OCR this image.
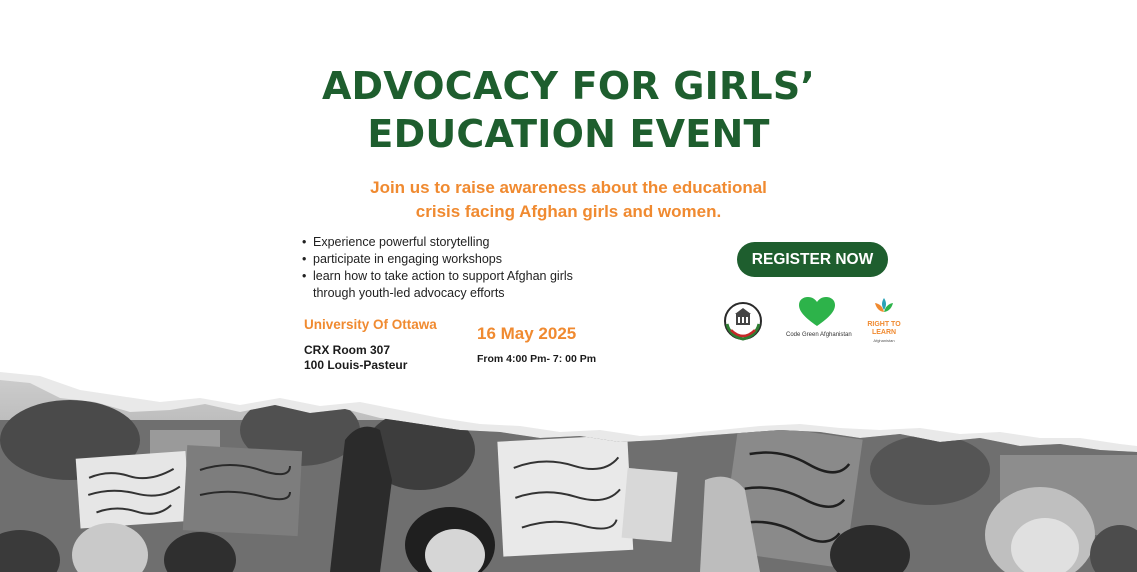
ADVOCACY FOR GIRLS’
EDUCATION EVENT
Join us to raise awareness about the educational
crisis facing Afghan girls and women.
• Experience powerful storytelling
• participate in engaging workshops
• learn how to take action to support Afghan girls through youth-led advocacy efforts
University Of Ottawa
CRX Room 307
100 Louis-Pasteur
16 May 2025
From 4:00 Pm- 7: 00 Pm
REGISTER NOW
Code Green Afghanistan
RIGHT TO
LEARN
Afghanistan
